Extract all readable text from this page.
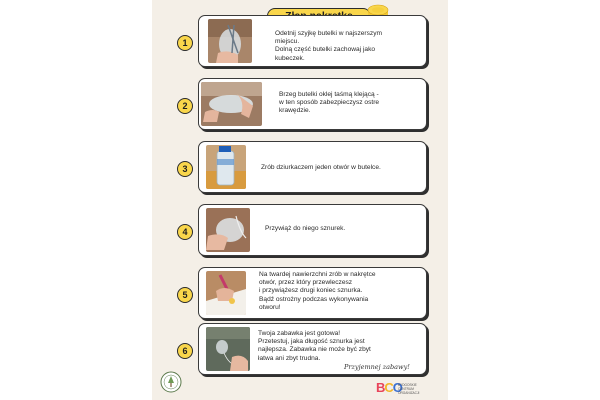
1
Odetnij szyjkę butelki w najszerszym
miejscu.
Dolną część butelki zachowaj jako
kubeczek.
2
Brzeg butelki oklej taśmą klejącą -
w ten sposób zabezpieczysz ostre
krawędzie.
3	Zrób dziurkaczem jeden otwór w butelce.
4	Przywiąż do niego sznurek.
5
Na twardej nawierzchni zrób w nakrętce
otwór, przez który przewleczesz
i przywiążesz drugi koniec sznurka.
Bądź ostrożny podczas wykonywania
otworu!
6
Twoja zabawka jest gotowa!
Przetestuj, jaka długość sznurka jest
najlepsza. Zabawka nie może być zbyt
łatwa ani zbyt trudna.
Przyjemnej zabawy!
BCO
BYDGOSKIE
CENTRUM
ORGANIZACJI
